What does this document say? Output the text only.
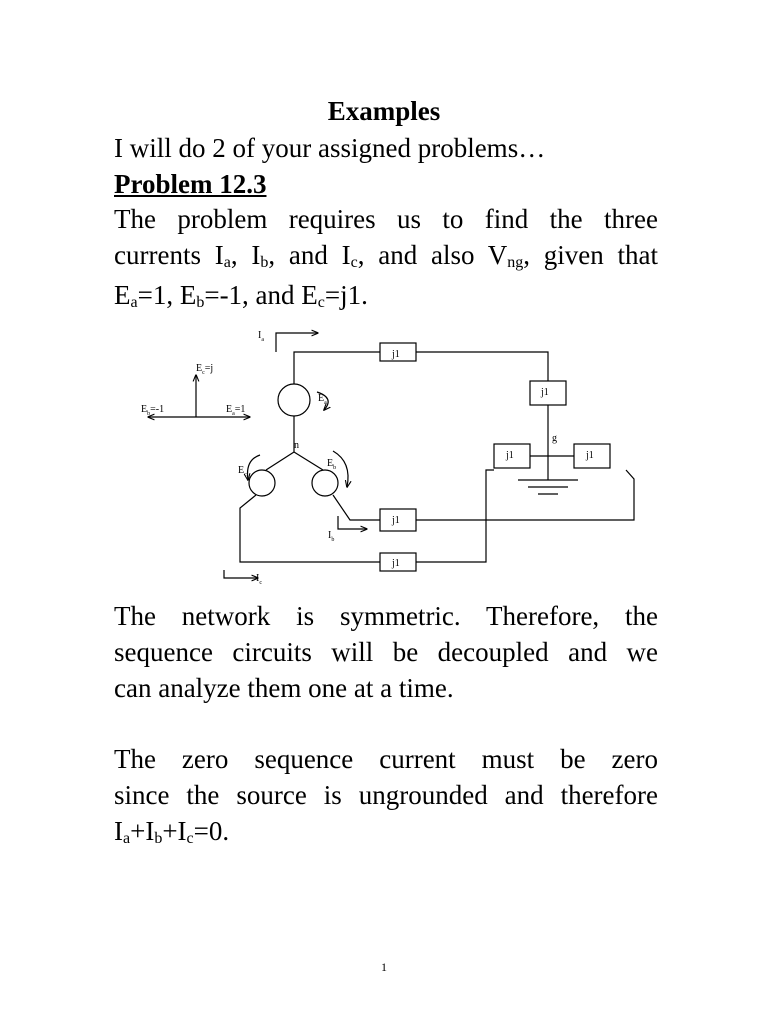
Examples
I will do 2 of your assigned problems…
Problem 12.3
The problem requires us to find the three
currents $I_a$, $I_b$, and $I_c$, and also $V_{ng}$, given that
$E_a=1$, $E_b=-1$, and $E_c=j1$.
$I_a$
$E_c=j$
$E_b=-1$	$E_a=1$
$E_a$
n
$E_c$
$E_b$
$I_b$
$I_c$
g
j1
j1
j1	j1
j1
j1
The network is symmetric. Therefore, the
sequence circuits will be decoupled and we
can analyze them one at a time.
The zero sequence current must be zero
since the source is ungrounded and therefore
$I_a+I_b+I_c=0$.
1
